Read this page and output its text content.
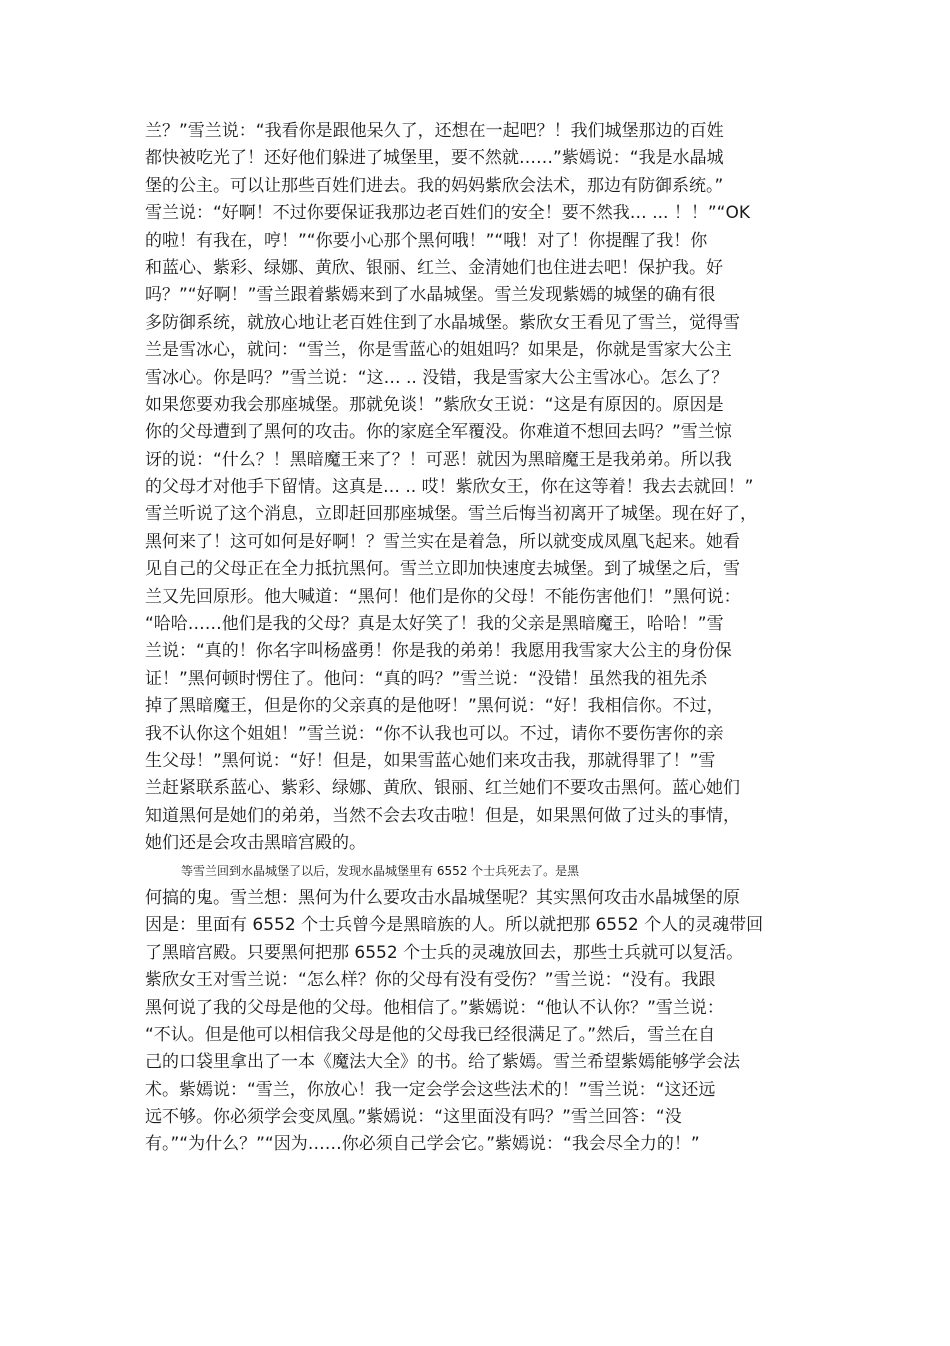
兰？”雪兰说：“我看你是跟他呆久了，还想在一起吧？！我们城堡那边的百姓
都快被吃光了！还好他们躲进了城堡里，要不然就……”紫嫣说：“我是水晶城
堡的公主。可以让那些百姓们进去。我的妈妈紫欣会法术，那边有防御系统。”
雪兰说：“好啊！不过你要保证我那边老百姓们的安全！要不然我… ... ！！”“OK
的啦！有我在，哼！”“你要小心那个黑何哦！”“哦！对了！你提醒了我！你
和蓝心、紫彩、绿娜、黄欣、银丽、红兰、金清她们也住进去吧！保护我。好
吗？”“好啊！”雪兰跟着紫嫣来到了水晶城堡。雪兰发现紫嫣的城堡的确有很
多防御系统，就放心地让老百姓住到了水晶城堡。紫欣女王看见了雪兰，觉得雪
兰是雪冰心，就问：“雪兰，你是雪蓝心的姐姐吗？如果是，你就是雪家大公主
雪冰心。你是吗？”雪兰说：“这… .. 没错，我是雪家大公主雪冰心。怎么了？
如果您要劝我会那座城堡。那就免谈！”紫欣女王说：“这是有原因的。原因是
你的父母遭到了黑何的攻击。你的家庭全军覆没。你难道不想回去吗？”雪兰惊
讶的说：“什么？！黑暗魔王来了？！可恶！就因为黑暗魔王是我弟弟。所以我
的父母才对他手下留情。这真是… .. 哎！紫欣女王，你在这等着！我去去就回！”
雪兰听说了这个消息，立即赶回那座城堡。雪兰后悔当初离开了城堡。现在好了，
黑何来了！这可如何是好啊！？雪兰实在是着急，所以就变成凤凰飞起来。她看
见自己的父母正在全力抵抗黑何。雪兰立即加快速度去城堡。到了城堡之后，雪
兰又先回原形。他大喊道：“黑何！他们是你的父母！不能伤害他们！”黑何说：
“哈哈……他们是我的父母？真是太好笑了！我的父亲是黑暗魔王，哈哈！”雪
兰说：“真的！你名字叫杨盛勇！你是我的弟弟！我愿用我雪家大公主的身份保
证！”黑何顿时愣住了。他问：“真的吗？”雪兰说：“没错！虽然我的祖先杀
掉了黑暗魔王，但是你的父亲真的是他呀！”黑何说：“好！我相信你。不过，
我不认你这个姐姐！”雪兰说：“你不认我也可以。不过，请你不要伤害你的亲
生父母！”黑何说：“好！但是，如果雪蓝心她们来攻击我，那就得罪了！”雪
兰赶紧联系蓝心、紫彩、绿娜、黄欣、银丽、红兰她们不要攻击黑何。蓝心她们
知道黑何是她们的弟弟，当然不会去攻击啦！但是，如果黑何做了过头的事情，
她们还是会攻击黑暗宫殿的。
等雪兰回到水晶城堡了以后，发现水晶城堡里有 6552 个士兵死去了。是黑
何搞的鬼。雪兰想：黑何为什么要攻击水晶城堡呢？其实黑何攻击水晶城堡的原
因是：里面有 6552 个士兵曾今是黑暗族的人。所以就把那 6552 个人的灵魂带回
了黑暗宫殿。只要黑何把那 6552 个士兵的灵魂放回去，那些士兵就可以复活。
紫欣女王对雪兰说：“怎么样？你的父母有没有受伤？”雪兰说：“没有。我跟
黑何说了我的父母是他的父母。他相信了。”紫嫣说：“他认不认你？”雪兰说：
“不认。但是他可以相信我父母是他的父母我已经很满足了。”然后，雪兰在自
己的口袋里拿出了一本《魔法大全》的书。给了紫嫣。雪兰希望紫嫣能够学会法
术。紫嫣说：“雪兰，你放心！我一定会学会这些法术的！”雪兰说：“这还远
远不够。你必须学会变凤凰。”紫嫣说：“这里面没有吗？”雪兰回答：“没
有。”“为什么？”“因为……你必须自己学会它。”紫嫣说：“我会尽全力的！”
